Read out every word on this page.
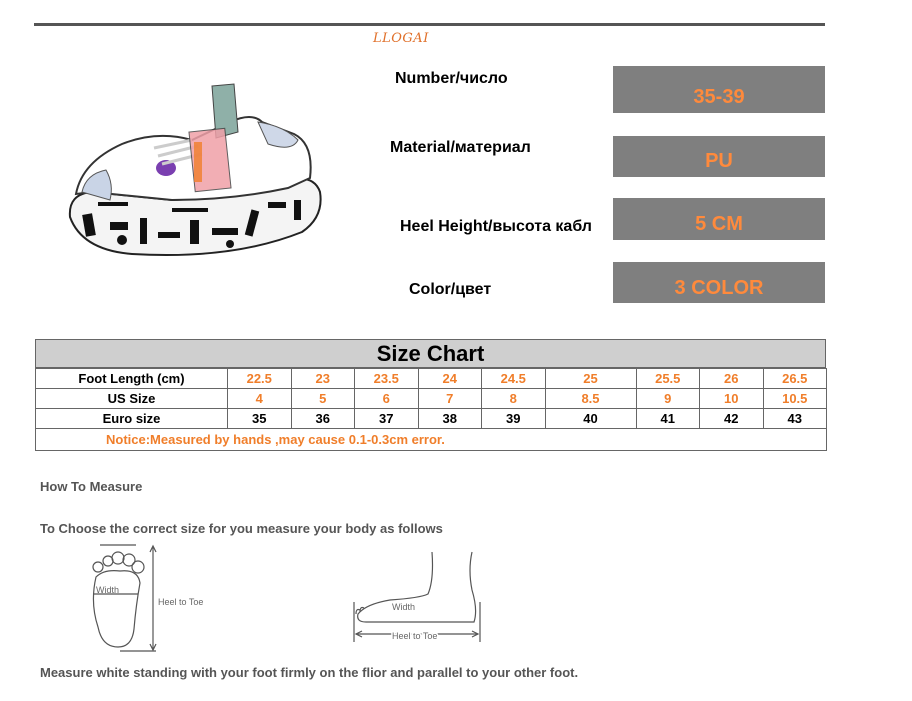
LLOGAI
Number/число
35-39
Material/материал
PU
Heel Height/высота кабл	5 CM
Color/цвет	3 COLOR
Size Chart
Foot Length (cm)	22.5	23	23.5	24	24.5	25	25.5	26	26.5
US Size	4	5	6	7	8	8.5	9	10	10.5
Euro size	35	36	37	38	39	40	41	42	43
Notice:Measured by hands ,may cause 0.1-0.3cm error.									
How To Measure
To Choose the correct size for you measure your body as follows
Width
Heel to Toe	Width
Heel to Toe
Measure white standing with your foot firmly on the flior and parallel to your other foot.
